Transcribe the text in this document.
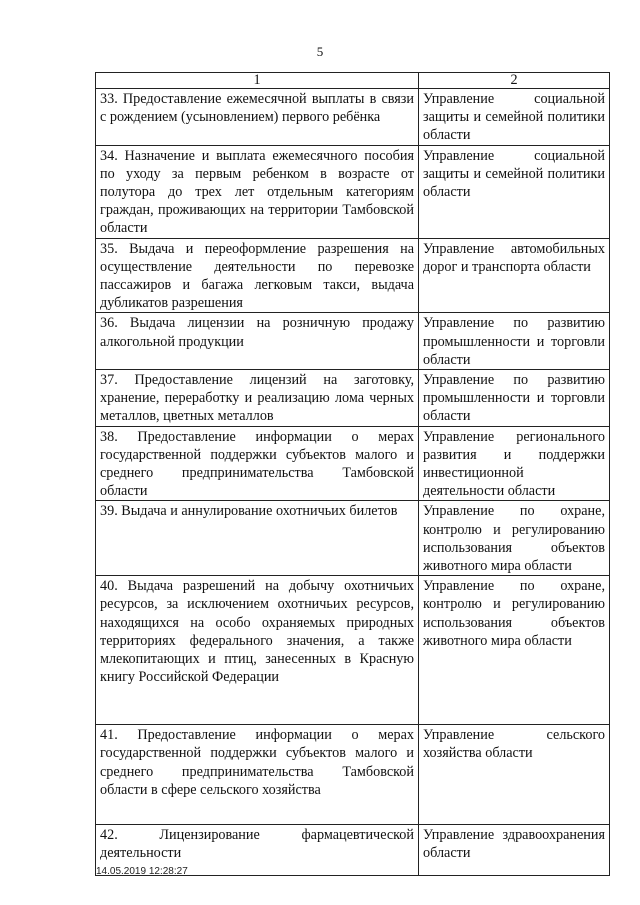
5
1	2
33. Предоставление ежемесячной выплаты в связи с рождением (усыновлением) первого ребёнка	Управление социальной защиты и семейной политики области
34. Назначение и выплата ежемесячного пособия по уходу за первым ребенком в возрасте от полутора до трех лет отдельным категориям граждан, проживающих на территории Тамбовской области	Управление социальной защиты и семейной политики области
35. Выдача и переоформление разрешения на осуществление деятельности по перевозке пассажиров и багажа легковым такси, выдача дубликатов разрешения	Управление автомобильных дорог и транспорта области
36. Выдача лицензии на розничную продажу алкогольной продукции	Управление по развитию промышленности и торговли области
37. Предоставление лицензий на заготовку, хранение, переработку и реализацию лома черных металлов, цветных металлов	Управление по развитию промышленности и торговли области
38. Предоставление информации о мерах государственной поддержки субъектов малого и среднего предпринимательства Тамбовской области	Управление регионального развития и поддержки инвестиционной деятельности области
39. Выдача и аннулирование охотничьих билетов	Управление по охране, контролю и регулированию использования объектов животного мира области
40. Выдача разрешений на добычу охотничьих ресурсов, за исключением охотничьих ресурсов, находящихся на особо охраняемых природных территориях федерального значения, а также млекопитающих и птиц, занесенных в Красную книгу Российской Федерации	Управление по охране, контролю и регулированию использования объектов животного мира области
41. Предоставление информации о мерах государственной поддержки субъектов малого и среднего предпринимательства Тамбовской области в сфере сельского хозяйства	Управление сельского хозяйства области
42. Лицензирование фармацевтической деятельности	Управление здравоохранения области
14.05.2019 12:28:27
